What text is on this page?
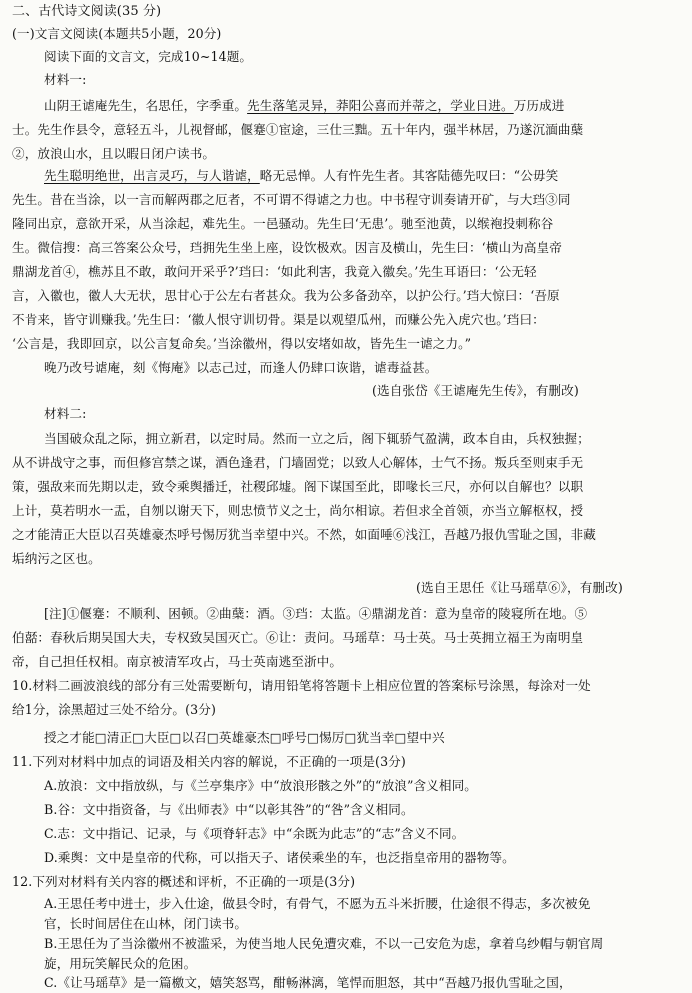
二、古代诗文阅读(35 分)
(一)文言文阅读(本题共5小题，20分)
阅读下面的文言文，完成10~14题。
材料一:
山阴王谑庵先生，名思任，字季重。先生落笔灵异，莽阳公喜而并蒂之，学业日进。万历成进
士。先生作县令，意轻五斗，儿视督邮，偃蹇①宦途，三仕三黜。五十年内，强半林居，乃遂沉湎曲蘖
②，放浪山水，且以暇日闭户读书。
先生聪明绝世，出言灵巧，与人谐谑，略无忌惮。人有忤先生者。其客陆德先叹曰：“公毋笑
先生。昔在当涂，以一言而解两郡之厄者，不可谓不得谑之力也。中书程守训奏请开矿，与大珰③同
隆同出京，意欲开采，从当涂起，难先生。一邑骚动。先生曰‘无患’。驰至池黄，以缑袍投刺称谷
生。微信搜：高三答案公众号，珰拥先生坐上座，设饮极欢。因言及横山，先生曰：‘横山为高皇帝
鼎湖龙首④，樵苏且不敢，敢问开采乎?’珰曰：‘如此利害，我竟入徽矣。’先生耳语曰：‘公无轻
言，入徽也，徽人大无状，思甘心于公左右者甚众。我为公多备劲卒，以护公行。’珰大惊曰：‘吾原
不肯来，皆守训赚我。’先生曰：‘徽人恨守训切骨。渠是以观望瓜州，而赚公先入虎穴也。’珰曰：
‘公言是，我即回京，以公言复命矣。’当涂徽州，得以安堵如故，皆先生一谑之力。”
晚乃改号谑庵，刻《悔庵》以志己过，而逢人仍肆口诙谐，谑毒益甚。
(选自张岱《王谑庵先生传》，有删改)
材料二:
当国破众乱之际，拥立新君，以定时局。然而一立之后，阁下辄骄气盈满，政本自由，兵权独握；
从不讲战守之事，而但修宫禁之谋，酒色逢君，门墙固党；以致人心解体，士气不扬。叛兵至则束手无
策，强敌来而先期以走，致令乘舆播迁，社稷邱墟。阁下谋国至此，即喙长三尺，亦何以自解也？以职
上计，莫若明水一盂，自刎以谢天下，则忠愤节义之士，尚尔相谅。若但求全首领，亦当立解枢权，授
之才能清正大臣以召英雄豪杰呼号惕厉犹当幸望中兴。不然，如面唾⑥浅江，吾越乃报仇雪耻之国，非藏
垢纳污之区也。
(选自王思任《让马瑶草⑥》，有删改)
[注]①偃蹇：不顺利、困顿。②曲蘖：酒。③珰：太监。④鼎湖龙首：意为皇帝的陵寝所在地。⑤
伯嚭：春秋后期吴国大夫，专权致吴国灭亡。⑥让：责问。马瑶草：马士英。马士英拥立福王为南明皇
帝，自己担任权相。南京被清军攻占，马士英南逃至浙中。
10.材料二画波浪线的部分有三处需要断句，请用铅笔将答题卡上相应位置的答案标号涂黑，每涂对一处
给1分，涂黑超过三处不给分。(3分)
授之才能□清正□大臣□以召□英雄豪杰□呼号□惕厉□犹当幸□望中兴
11.下列对材料中加点的词语及相关内容的解说，不正确的一项是(3分)
A.放浪：文中指放纵，与《兰亭集序》中“放浪形骸之外”的“放浪”含义相同。
B.谷：文中指资备，与《出师表》中“以彰其咎”的“咎”含义相同。
C.志：文中指记、记录，与《项脊轩志》中“余既为此志”的“志”含义不同。
D.乘舆：文中是皇帝的代称，可以指天子、诸侯乘坐的车，也泛指皇帝用的器物等。
12.下列对材料有关内容的概述和评析，不正确的一项是(3分)
A.王思任考中进士，步入仕途，做县令时，有骨气，不愿为五斗米折腰，仕途很不得志，多次被免
官，长时间居住在山林，闭门读书。
B.王思任为了当涂徽州不被滥采，为使当地人民免遭灾难，不以一己安危为虑，拿着乌纱帽与朝官周
旋，用玩笑解民众的危困。
C.《让马瑶草》是一篇檄文，嬉笑怒骂，酣畅淋漓，笔悍而胆怒，其中“吾越乃报仇雪耻之国，
